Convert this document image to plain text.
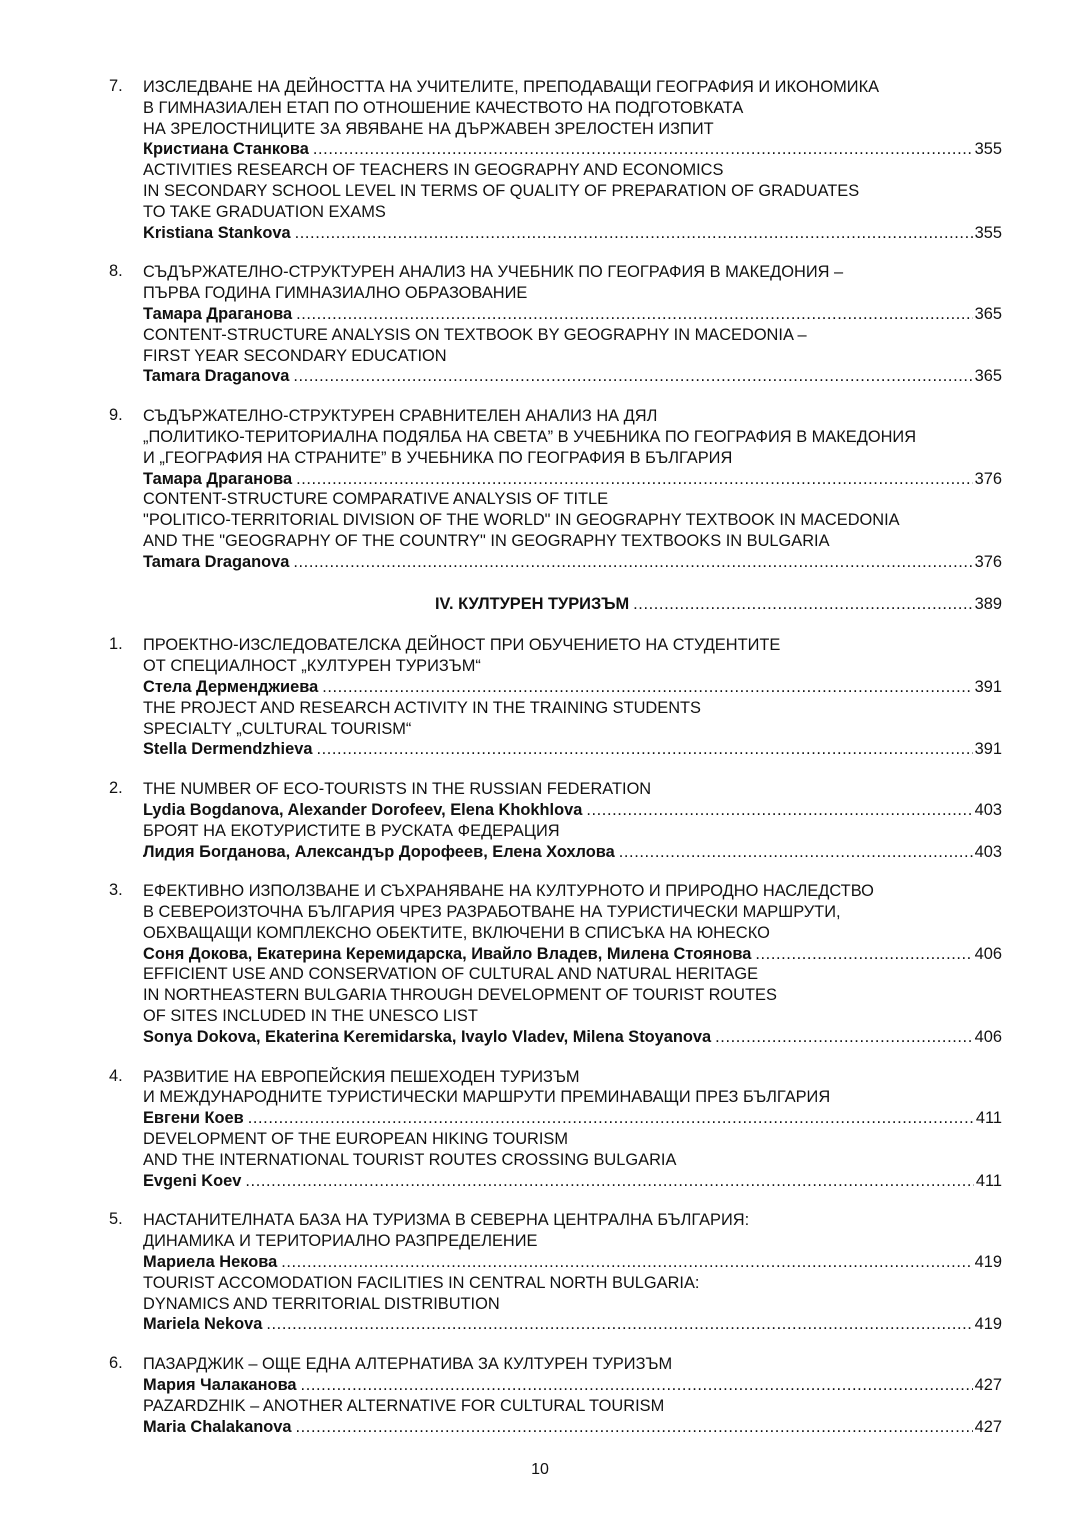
7.	ИЗСЛЕДВАНЕ НА ДЕЙНОСТТА НА УЧИТЕЛИТЕ, ПРЕПОДАВАЩИ ГЕОГРАФИЯ И ИКОНОМИКА
В ГИМНАЗИАЛЕН ЕТАП ПО ОТНОШЕНИЕ КАЧЕСТВОТО НА ПОДГОТОВКАТА
НА ЗРЕЛОСТНИЦИТЕ ЗА ЯВЯВАНЕ НА ДЪРЖАВЕН ЗРЕЛОСТЕН ИЗПИТ
Кристиана Станкова .....	355
ACTIVITIES RESEARCH OF TEACHERS IN GEOGRAPHY AND ECONOMICS
IN SECONDARY SCHOOL LEVEL IN TERMS OF QUALITY OF PREPARATION OF GRADUATES
TO TAKE GRADUATION EXAMS
Kristiana Stankova .....	355
8.	СЪДЪРЖАТЕЛНО-СТРУКТУРЕН АНАЛИЗ НА УЧЕБНИК ПО ГЕОГРАФИЯ В МАКЕДОНИЯ –
ПЪРВА ГОДИНА ГИМНАЗИАЛНО ОБРАЗОВАНИЕ
Тамара Драганова .....	365
CONTENT-STRUCTURE ANALYSIS ON TEXTBOOK BY GEOGRAPHY IN MACEDONIA –
FIRST YEAR SECONDARY EDUCATION
Tamara Draganova .....	365
9.	СЪДЪРЖАТЕЛНО-СТРУКТУРЕН СРАВНИТЕЛЕН АНАЛИЗ НА ДЯЛ
„ПОЛИТИКО-ТЕРИТОРИАЛНА ПОДЯЛБА НА СВЕТА” В УЧЕБНИКА ПО ГЕОГРАФИЯ В МАКЕДОНИЯ
И „ГЕОГРАФИЯ НА СТРАНИТЕ” В УЧЕБНИКА ПО ГЕОГРАФИЯ В БЪЛГАРИЯ
Тамара Драганова .....	376
CONTENT-STRUCTURE COMPARATIVE ANALYSIS OF TITLE
"POLITICO-TERRITORIAL DIVISION OF THE WORLD" IN GEOGRAPHY TEXTBOOK IN MACEDONIA
AND THE "GEOGRAPHY OF THE COUNTRY" IN GEOGRAPHY TEXTBOOKS IN BULGARIA
Tamara Draganova .....	376
IV. КУЛТУРЕН ТУРИЗЪМ .....	389
1.	ПРОЕКТНО-ИЗСЛЕДОВАТЕЛСКА ДЕЙНОСТ ПРИ ОБУЧЕНИЕТО НА СТУДЕНТИТЕ
ОТ СПЕЦИАЛНОСТ „КУЛТУРЕН ТУРИЗЪМ“
Стела Дерменджиева .....	391
THE PROJECT AND RESEARCH ACTIVITY IN THE TRAINING STUDENTS
SPECIALTY „CULTURAL TOURISM“
Stella Dermendzhieva .....	391
2.	THE NUMBER OF ECO-TOURISTS IN THE RUSSIAN FEDERATION
Lydia Bogdanova, Alexander Dorofeev, Elena Khokhlova .....	403
БРОЯТ НА ЕКОТУРИСТИТЕ В РУСКАТА ФЕДЕРАЦИЯ
Лидия Богданова, Александър Дорофеев, Елена Хохлова .....	403
3.	ЕФЕКТИВНО ИЗПОЛЗВАНЕ И СЪХРАНЯВАНЕ НА КУЛТУРНОТО И ПРИРОДНО НАСЛЕДСТВО
В СЕВЕРОИЗТОЧНА БЪЛГАРИЯ ЧРЕЗ РАЗРАБОТВАНЕ НА ТУРИСТИЧЕСКИ МАРШРУТИ,
ОБХВАЩАЩИ КОМПЛЕКСНО ОБЕКТИТЕ, ВКЛЮЧЕНИ В СПИСЪКА НА ЮНЕСКО
Соня Докова, Екатерина Керемидарска, Ивайло Владев, Милена Стоянова .....	406
EFFICIENT USE AND CONSERVATION OF CULTURAL AND NATURAL HERITAGE
IN NORTHEASTERN BULGARIA THROUGH DEVELOPMENT OF TOURIST ROUTES
OF SITES INCLUDED IN THE UNESCO LIST
Sonya Dokova, Ekaterina Keremidarska, Ivaylo Vladev, Milena Stoyanova .....	406
4.	РАЗВИТИЕ НА ЕВРОПЕЙСКИЯ ПЕШЕХОДЕН ТУРИЗЪМ
И МЕЖДУНАРОДНИТЕ ТУРИСТИЧЕСКИ МАРШРУТИ ПРЕМИНАВАЩИ ПРЕЗ БЪЛГАРИЯ
Евгени Коев .....	411
DEVELOPMENT OF THE EUROPEAN HIKING TOURISM
AND THE INTERNATIONAL TOURIST ROUTES CROSSING BULGARIA
Evgeni Koev .....	411
5.	НАСТАНИТЕЛНАТА БАЗА НА ТУРИЗМА В СЕВЕРНА ЦЕНТРАЛНА БЪЛГАРИЯ:
ДИНАМИКА И ТЕРИТОРИАЛНО РАЗПРЕДЕЛЕНИЕ
Мариела Некова .....	419
TOURIST ACCOMODATION FACILITIES IN CENTRAL NORTH BULGARIA:
DYNAMICS AND TERRITORIAL DISTRIBUTION
Mariela Nekova .....	419
6.	ПАЗАРДЖИК – ОЩЕ ЕДНА АЛТЕРНАТИВА ЗА КУЛТУРЕН ТУРИЗЪМ
Мария Чалаканова .....	427
PAZARDZHIK – ANOTHER ALTERNATIVE FOR CULTURAL TOURISM
Maria Chalakanova .....	427
10
